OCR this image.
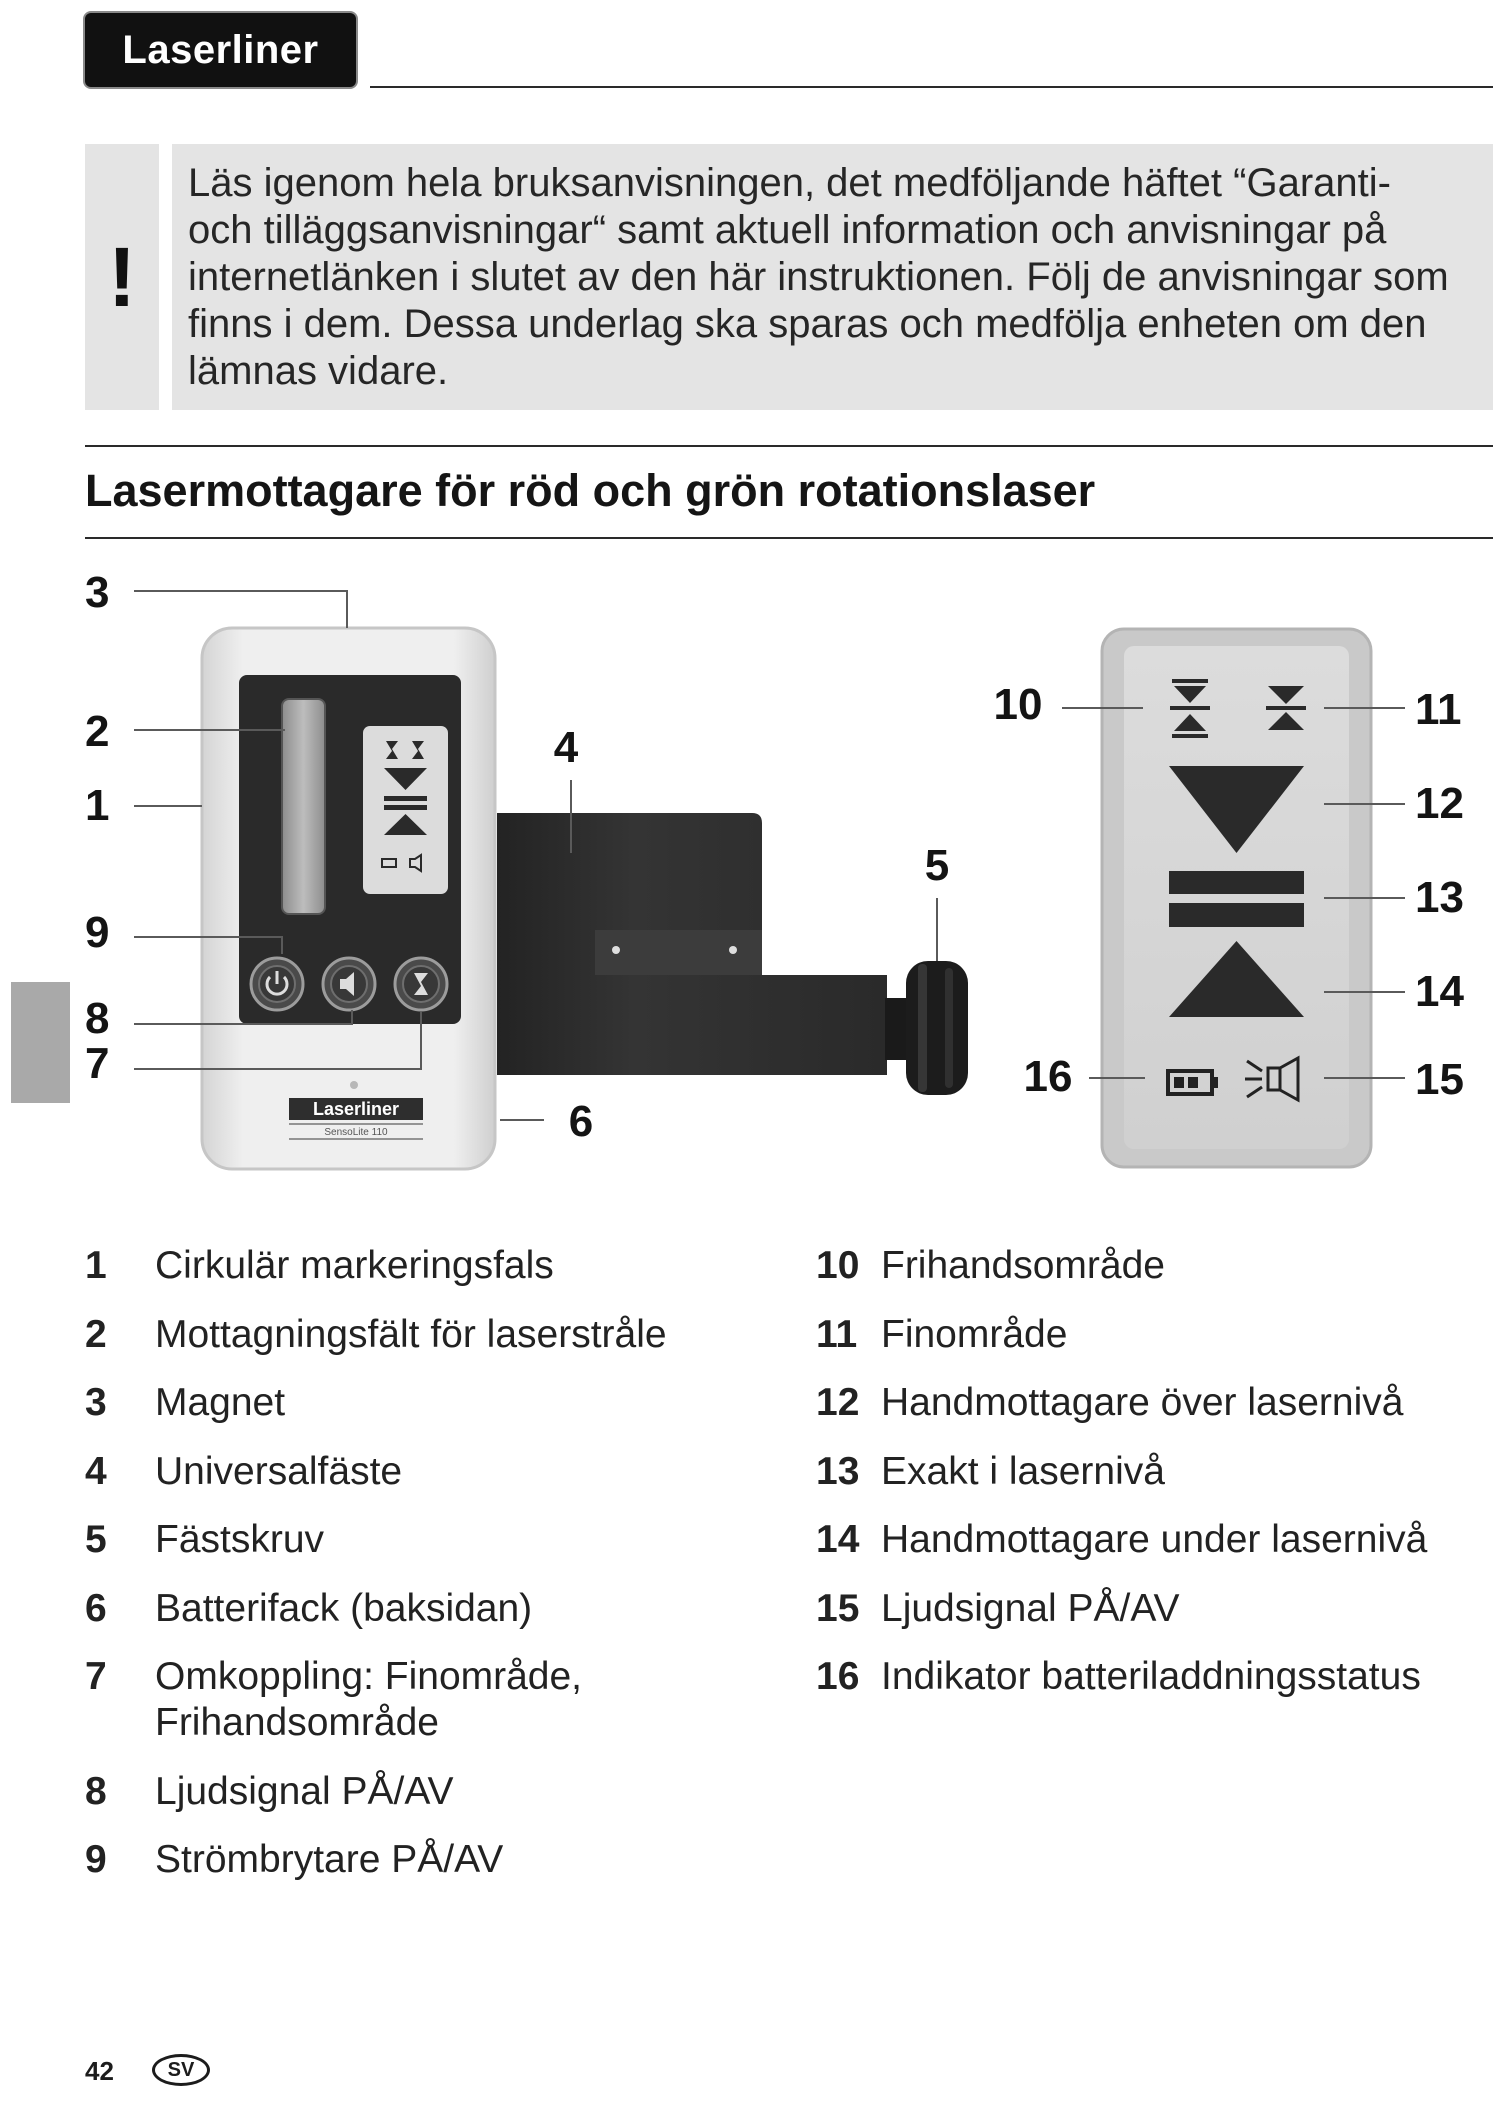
Laserliner
!
Läs igenom hela bruksanvisningen, det medföljande häftet “Garanti-
och tilläggsanvisningar“ samt aktuell information och anvisningar på
internetlänken i slutet av den här instruktionen. Följ de anvisningar som
finns i dem. Dessa underlag ska sparas och medfölja enheten om den
lämnas vidare.
Lasermottagare för röd och grön rotationslaser
Laserliner
SensoLite 110
3
2
1
9
8
7
4
5
6
10	11
12
13
14
15
16
1	Cirkulär markeringsfals
2	Mottagningsfält för laserstråle
3	Magnet
4	Universalfäste
5	Fästskruv
6	Batterifack (baksidan)
7	Omkoppling: Finområde, Frihandsområde
8	Ljudsignal PÅ/AV
9	Strömbrytare PÅ/AV
10 Frihandsområde
11 Finområde
12 Handmottagare över lasernivå
13 Exakt i lasernivå
14 Handmottagare under lasernivå
15 Ljudsignal PÅ/AV
16 Indikator batteriladdningsstatus
42	SV
